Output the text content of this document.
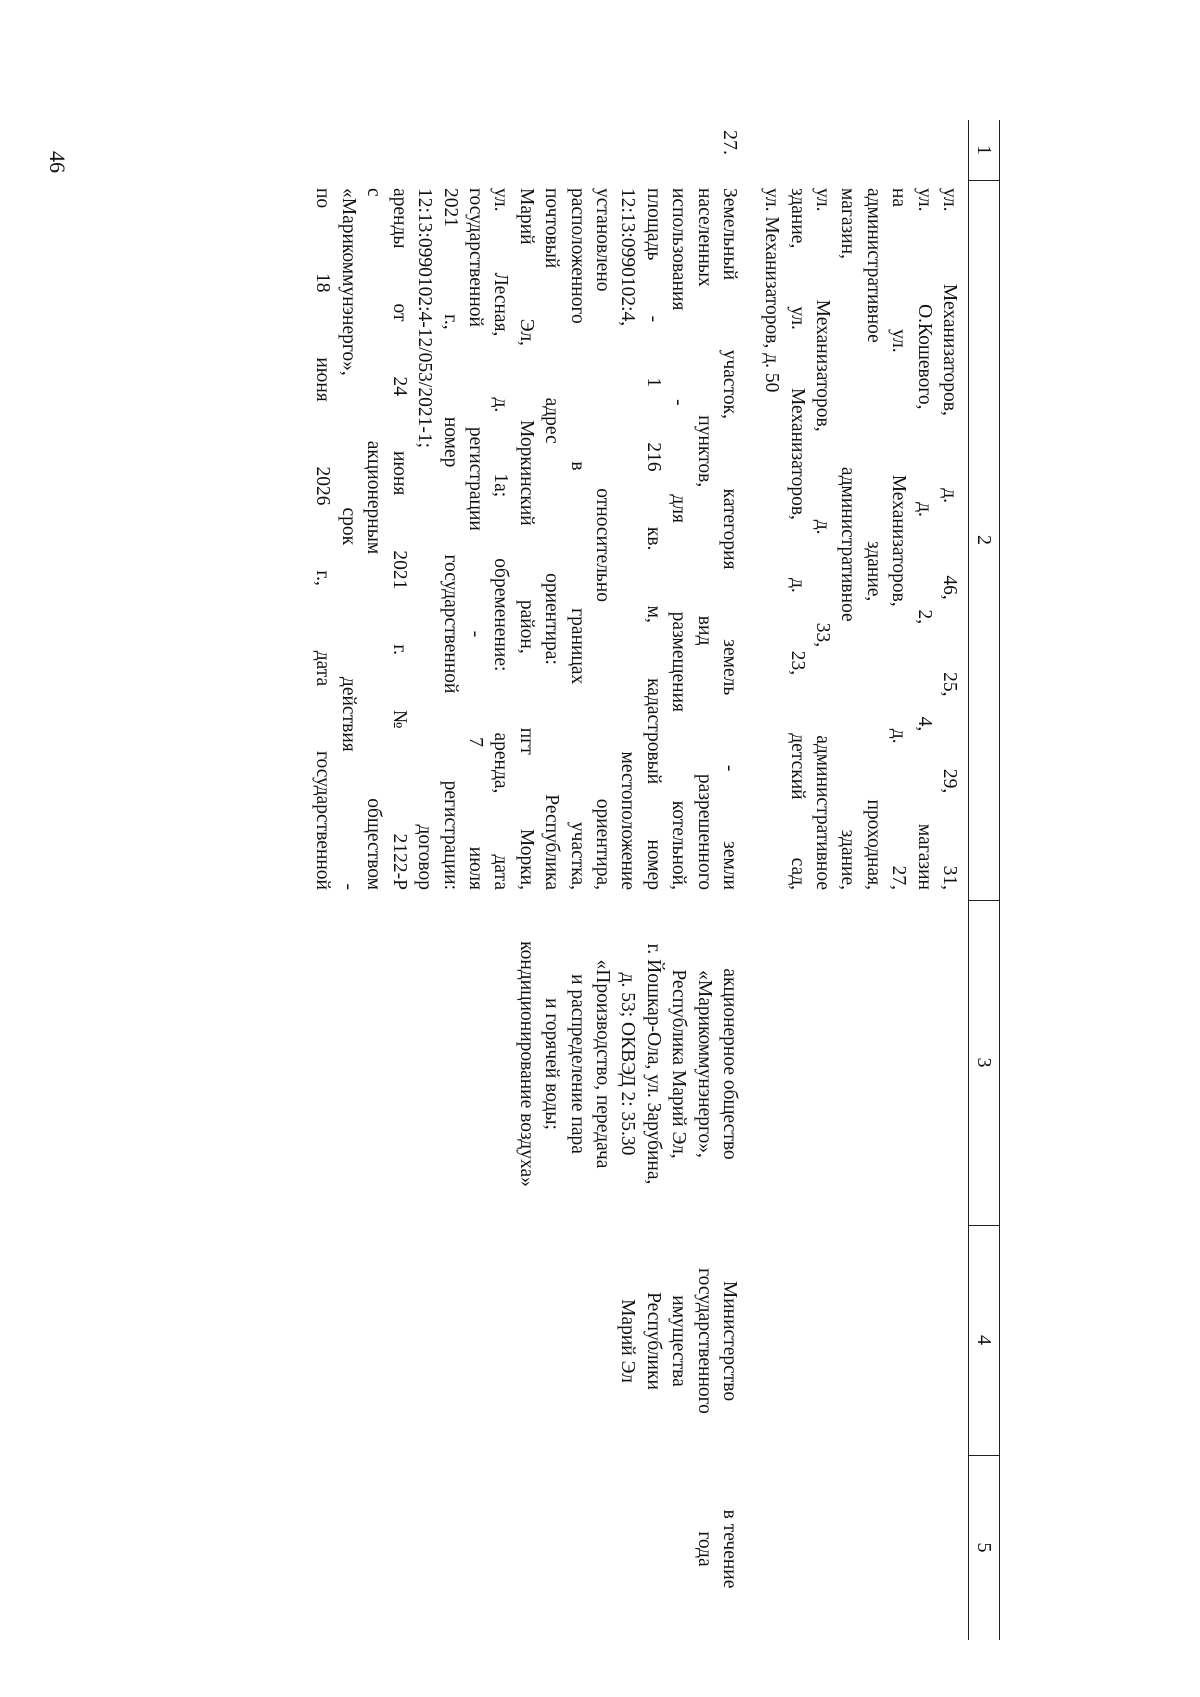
46
1
2
3
4
5

ул. Механизаторов, д. 46, 25, 29, 31,

ул. О.Кошевого, д. 2, 4, магазин

на ул. Механизаторов, д. 27,

административное здание, проходная,

магазин, административное здание,

ул. Механизаторов, д. 33, административное

здание, ул. Механизаторов, д. 23, детский сад,

ул. Механизаторов, д. 50

27.

Земельный участок, категория земель - земли

населенных пунктов, вид разрешенного

использования - для размещения котельной,

площадь - 1 216 кв. м, кадастровый номер

12:13:0990102:4, местоположение

установлено относительно ориентира,

расположенного в границах участка,

почтовый адрес ориентира: Республика

Марий Эл, Моркинский район, пгт Морки,

ул. Лесная, д. 1а; обременение: аренда, дата

государственной регистрации - 7 июля

2021 г., номер государственной регистрации:

12:13:0990102:4-12/053/2021-1; договор

аренды от 24 июня 2021 г. № 2122-Р

с акционерным обществом

«Марикоммунэнерго», срок действия -

по 18 июня 2026 г., дата государственной

акционерное общество

«Марикоммунэнерго»,

Республика Марий Эл,

г. Йошкар-Ола, ул. Зарубина,

д. 53; ОКВЭД 2: 35.30

«Производство, передача

и распределение пара

и горячей воды;

кондиционирование воздуха»

Министерство

государственного

имущества

Республики

Марий Эл

в течение

года
